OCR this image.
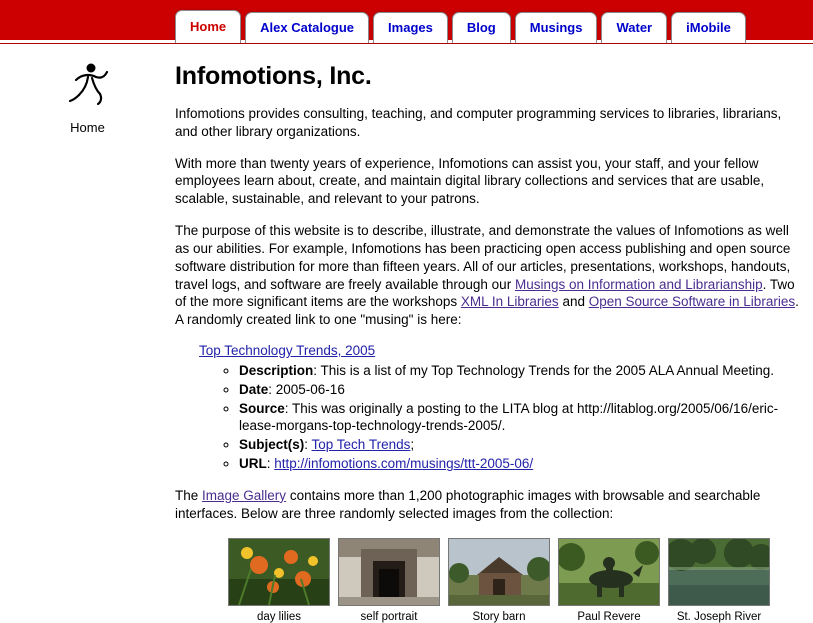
Home	Alex Catalogue	Images	Blog	Musings	Water	iMobile
Home
Infomotions, Inc.

Infomotions provides consulting, teaching, and computer programming services to libraries, librarians, and other library organizations.

With more than twenty years of experience, Infomotions can assist you, your staff, and your fellow employees learn about, create, and maintain digital library collections and services that are usable, scalable, sustainable, and relevant to your patrons.

The purpose of this website is to describe, illustrate, and demonstrate the values of Infomotions as well as our abilities. For example, Infomotions has been practicing open access publishing and open source software distribution for more than fifteen years. All of our articles, presentations, workshops, handouts, travel logs, and software are freely available through our Musings on Information and Librarianship. Two of the more significant items are the workshops XML In Libraries and Open Source Software in Libraries. A randomly created link to one "musing" is here:

Top Technology Trends, 2005
◦ Description: This is a list of my Top Technology Trends for the 2005 ALA Annual Meeting.
◦ Date: 2005-06-16
◦ Source: This was originally a posting to the LITA blog at http://litablog.org/2005/06/16/eric-lease-morgans-top-technology-trends-2005/.
◦ Subject(s): Top Tech Trends;
◦ URL: http://infomotions.com/musings/ttt-2005-06/

The Image Gallery contains more than 1,200 photographic images with browsable and searchable interfaces. Below are three randomly selected images from the collection:

day lilies	self portrait	Story barn	Paul Revere	St. Joseph River
